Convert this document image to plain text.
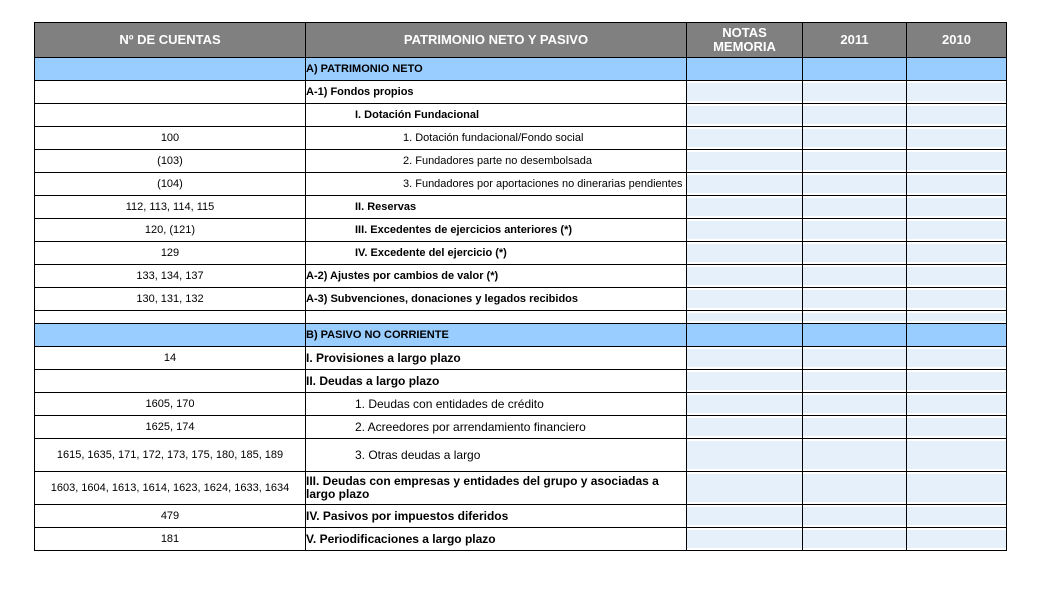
Nº DE CUENTAS	PATRIMONIO NETO Y PASIVO	NOTAS
MEMORIA	2011	2010
	A) PATRIMONIO NETO	

	A-1) Fondos propios	

	I. Dotación Fundacional	

100	1. Dotación fundacional/Fondo social	

(103)	2. Fundadores parte no desembolsada	

(104)	3. Fundadores por aportaciones no dinerarias pendientes	

112, 113, 114, 115	II. Reservas	

120, (121)	III. Excedentes de ejercicios anteriores (*)	

129	IV. Excedente del ejercicio (*)	

133, 134, 137	A-2) Ajustes por cambios de valor (*)	

130, 131, 132	A-3) Subvenciones, donaciones y legados recibidos	

	B) PASIVO NO CORRIENTE	

14	I. Provisiones a largo plazo	

	II. Deudas a largo plazo	

1605, 170	1. Deudas con entidades de crédito	

1625, 174	2. Acreedores por arrendamiento financiero	

1615, 1635, 171, 172, 173, 175, 180, 185, 189	3. Otras deudas a largo	

1603, 1604, 1613, 1614, 1623, 1624, 1633, 1634	III. Deudas con empresas y entidades del grupo y asociadas a largo plazo	

479	IV. Pasivos por impuestos diferidos	

181	V. Periodificaciones a largo plazo	
